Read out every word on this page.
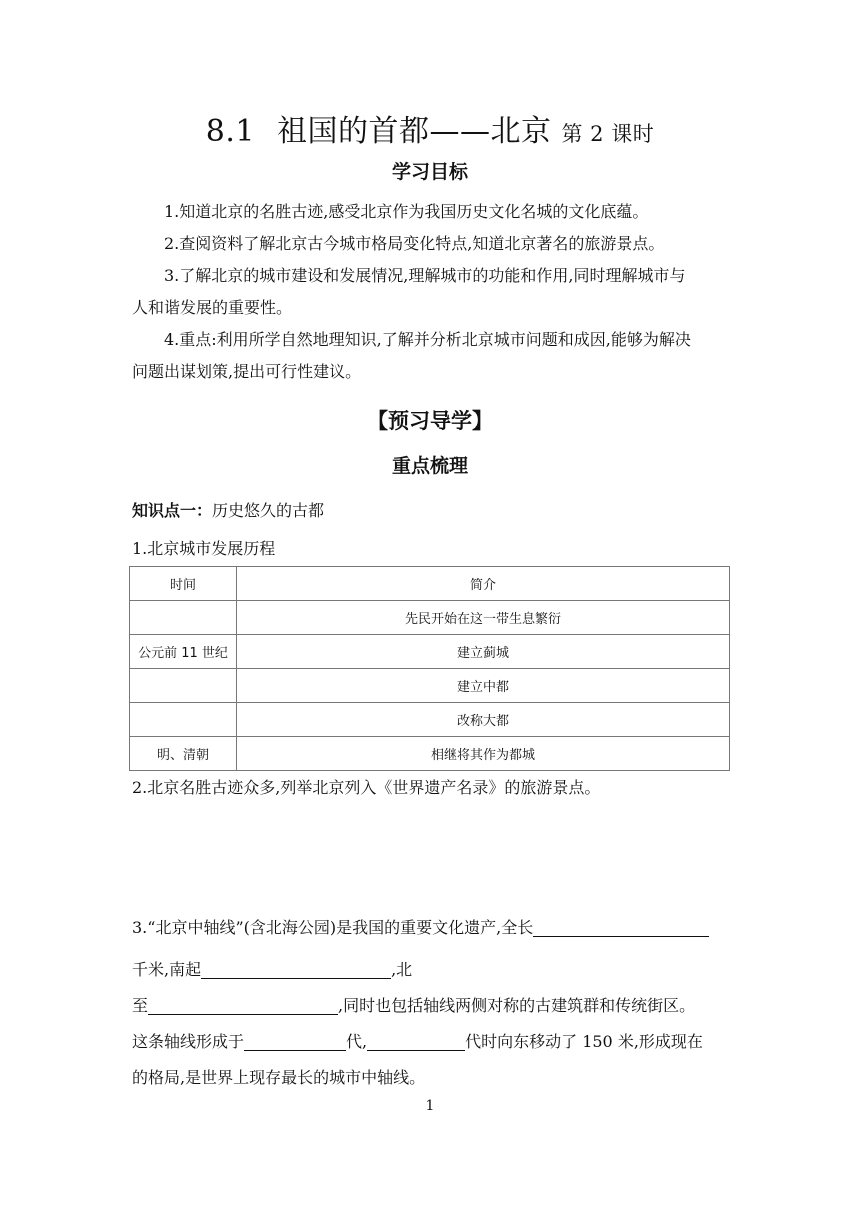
8.1 祖国的首都——北京 第 2 课时
学习目标
1.知道北京的名胜古迹,感受北京作为我国历史文化名城的文化底蕴。
2.查阅资料了解北京古今城市格局变化特点,知道北京著名的旅游景点。
3.了解北京的城市建设和发展情况,理解城市的功能和作用,同时理解城市与
人和谐发展的重要性。
4.重点:利用所学自然地理知识,了解并分析北京城市问题和成因,能够为解决
问题出谋划策,提出可行性建议。
【预习导学】
重点梳理
知识点一：历史悠久的古都
1.北京城市发展历程
时间	简介
	先民开始在这一带生息繁衍
公元前 11 世纪	建立蓟城
	建立中都
	改称大都
明、清朝	相继将其作为都城
2.北京名胜古迹众多,列举北京列入《世界遗产名录》的旅游景点。
3.“北京中轴线”(含北海公园)是我国的重要文化遗产,全长
千米,南起	,北
至	,同时也包括轴线两侧对称的古建筑群和传统街区。
这条轴线形成于	代,	代时向东移动了 150 米,形成现在
的格局,是世界上现存最长的城市中轴线。
1
